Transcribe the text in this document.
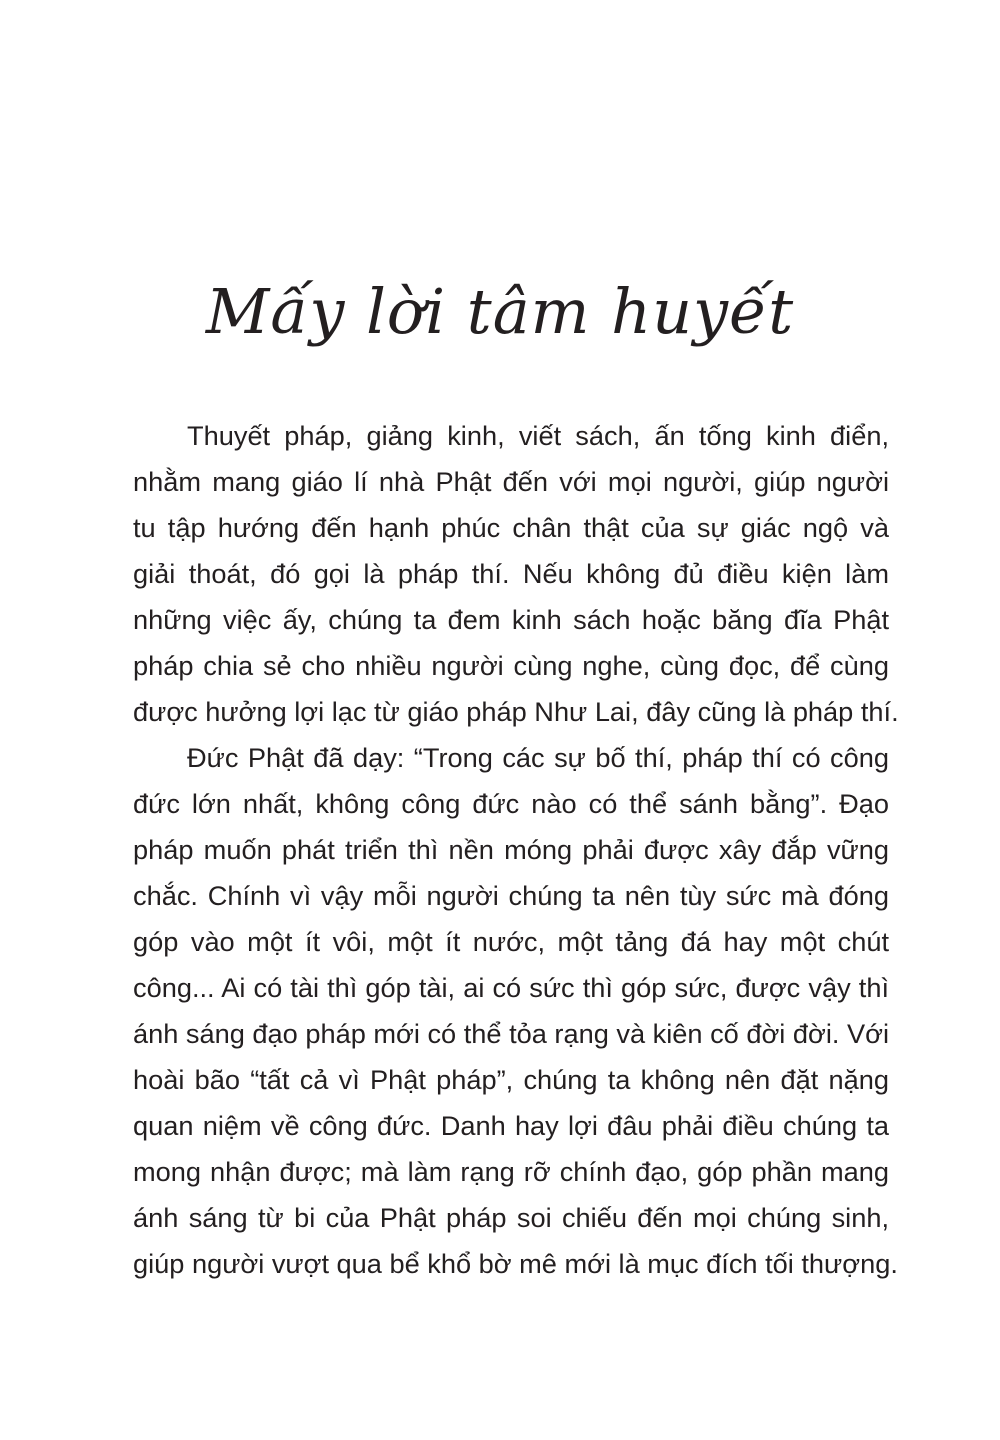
Mấy lời tâm huyết
Thuyết pháp, giảng kinh, viết sách, ấn tống kinh điển,
nhằm mang giáo lí nhà Phật đến với mọi người, giúp người
tu tập hướng đến hạnh phúc chân thật của sự giác ngộ và
giải thoát, đó gọi là pháp thí. Nếu không đủ điều kiện làm
những việc ấy, chúng ta đem kinh sách hoặc băng đĩa Phật
pháp chia sẻ cho nhiều người cùng nghe, cùng đọc, để cùng
được hưởng lợi lạc từ giáo pháp Như Lai, đây cũng là pháp thí.
Đức Phật đã dạy: “Trong các sự bố thí, pháp thí có công
đức lớn nhất, không công đức nào có thể sánh bằng”. Đạo
pháp muốn phát triển thì nền móng phải được xây đắp vững
chắc. Chính vì vậy mỗi người chúng ta nên tùy sức mà đóng
góp vào một ít vôi, một ít nước, một tảng đá hay một chút
công... Ai có tài thì góp tài, ai có sức thì góp sức, được vậy thì
ánh sáng đạo pháp mới có thể tỏa rạng và kiên cố đời đời. Với
hoài bão “tất cả vì Phật pháp”, chúng ta không nên đặt nặng
quan niệm về công đức. Danh hay lợi đâu phải điều chúng ta
mong nhận được; mà làm rạng rỡ chính đạo, góp phần mang
ánh sáng từ bi của Phật pháp soi chiếu đến mọi chúng sinh,
giúp người vượt qua bể khổ bờ mê mới là mục đích tối thượng.
